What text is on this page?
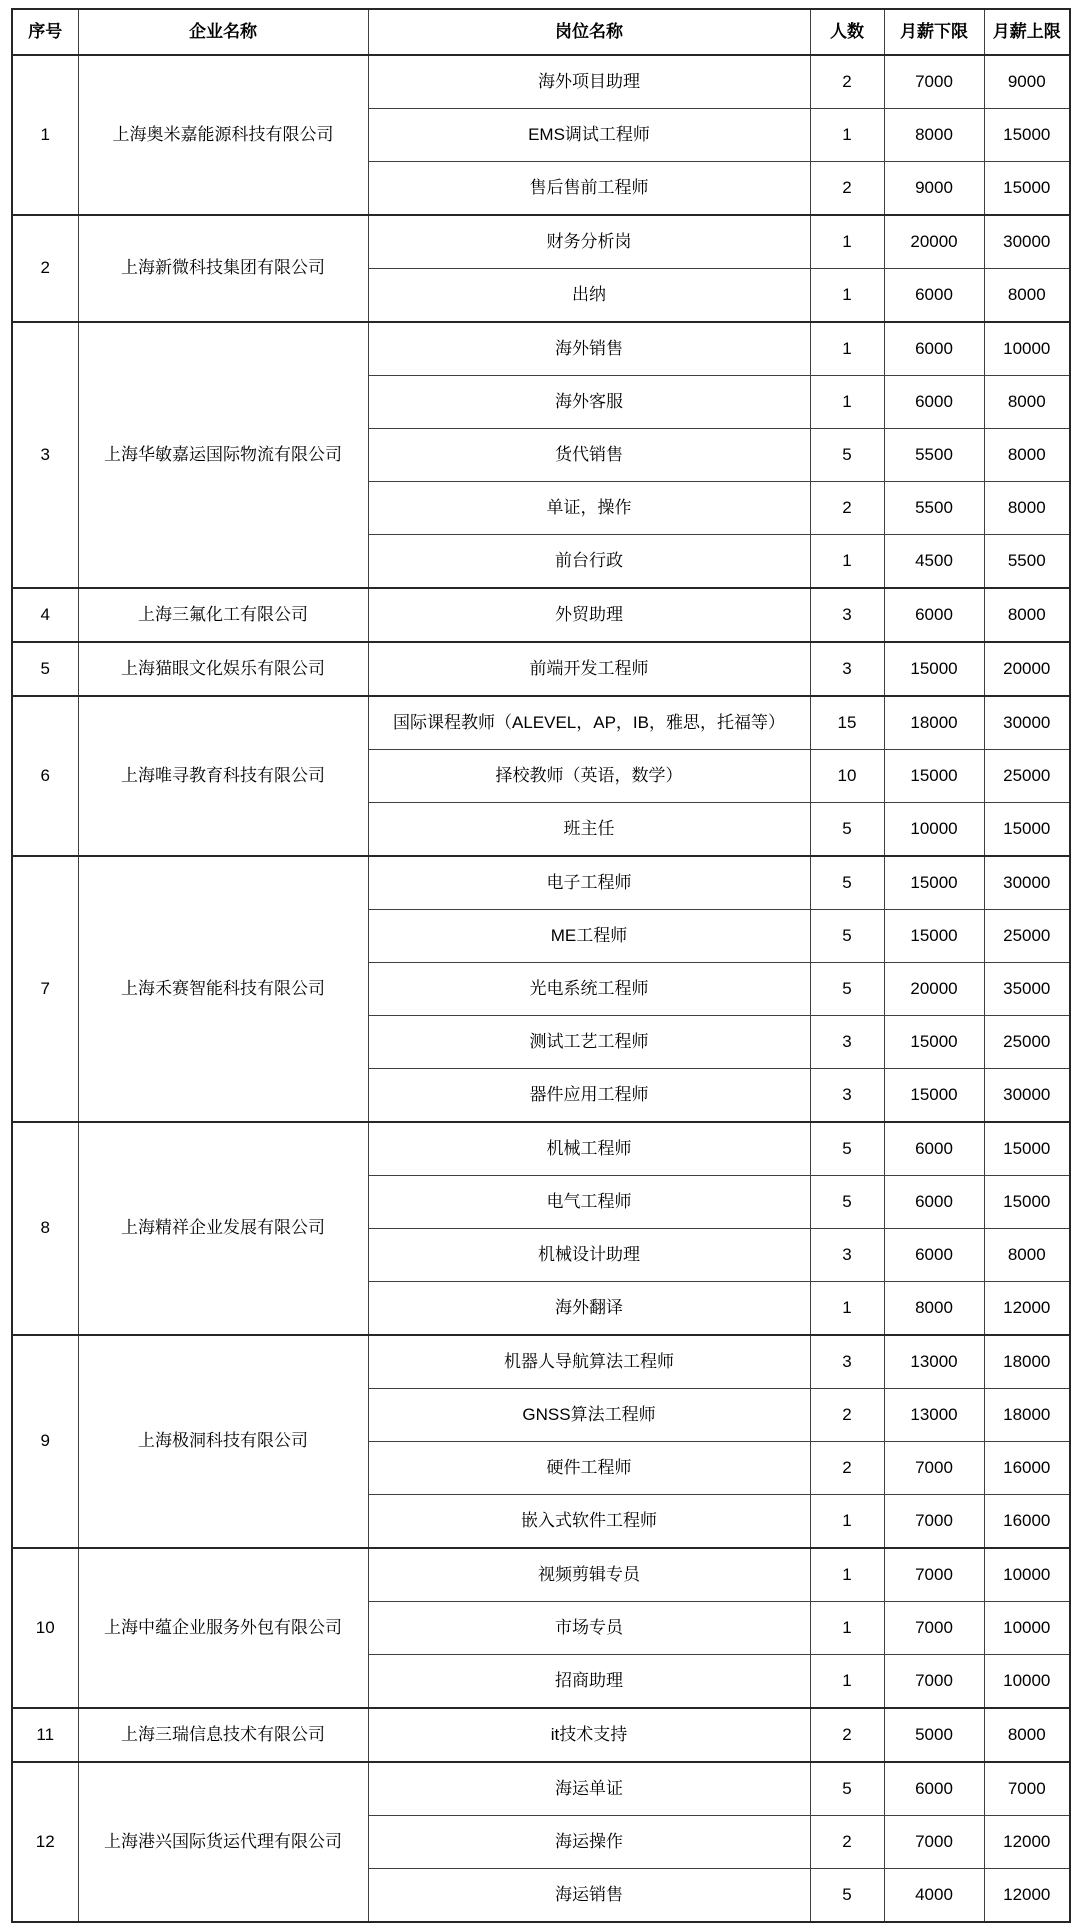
序号	企业名称	岗位名称	人数	月薪下限	月薪上限
1	上海奥米嘉能源科技有限公司	海外项目助理	2	7000	9000
		EMS调试工程师	1	8000	15000
		售后售前工程师	2	9000	15000
2	上海新微科技集团有限公司	财务分析岗	1	20000	30000
		出纳	1	6000	8000
3	上海华敏嘉运国际物流有限公司	海外销售	1	6000	10000
		海外客服	1	6000	8000
		货代销售	5	5500	8000
		单证，操作	2	5500	8000
		前台行政	1	4500	5500
4	上海三氟化工有限公司	外贸助理	3	6000	8000
5	上海猫眼文化娱乐有限公司	前端开发工程师	3	15000	20000
6	上海唯寻教育科技有限公司	国际课程教师（ALEVEL，AP，IB，雅思，托福等）	15	18000	30000
		择校教师（英语，数学）	10	15000	25000
		班主任	5	10000	15000
7	上海禾赛智能科技有限公司	电子工程师	5	15000	30000
		ME工程师	5	15000	25000
		光电系统工程师	5	20000	35000
		测试工艺工程师	3	15000	25000
		器件应用工程师	3	15000	30000
8	上海精祥企业发展有限公司	机械工程师	5	6000	15000
		电气工程师	5	6000	15000
		机械设计助理	3	6000	8000
		海外翻译	1	8000	12000
9	上海极洞科技有限公司	机器人导航算法工程师	3	13000	18000
		GNSS算法工程师	2	13000	18000
		硬件工程师	2	7000	16000
		嵌入式软件工程师	1	7000	16000
10	上海中蕴企业服务外包有限公司	视频剪辑专员	1	7000	10000
		市场专员	1	7000	10000
		招商助理	1	7000	10000
11	上海三瑞信息技术有限公司	it技术支持	2	5000	8000
12	上海港兴国际货运代理有限公司	海运单证	5	6000	7000
		海运操作	2	7000	12000
		海运销售	5	4000	12000
